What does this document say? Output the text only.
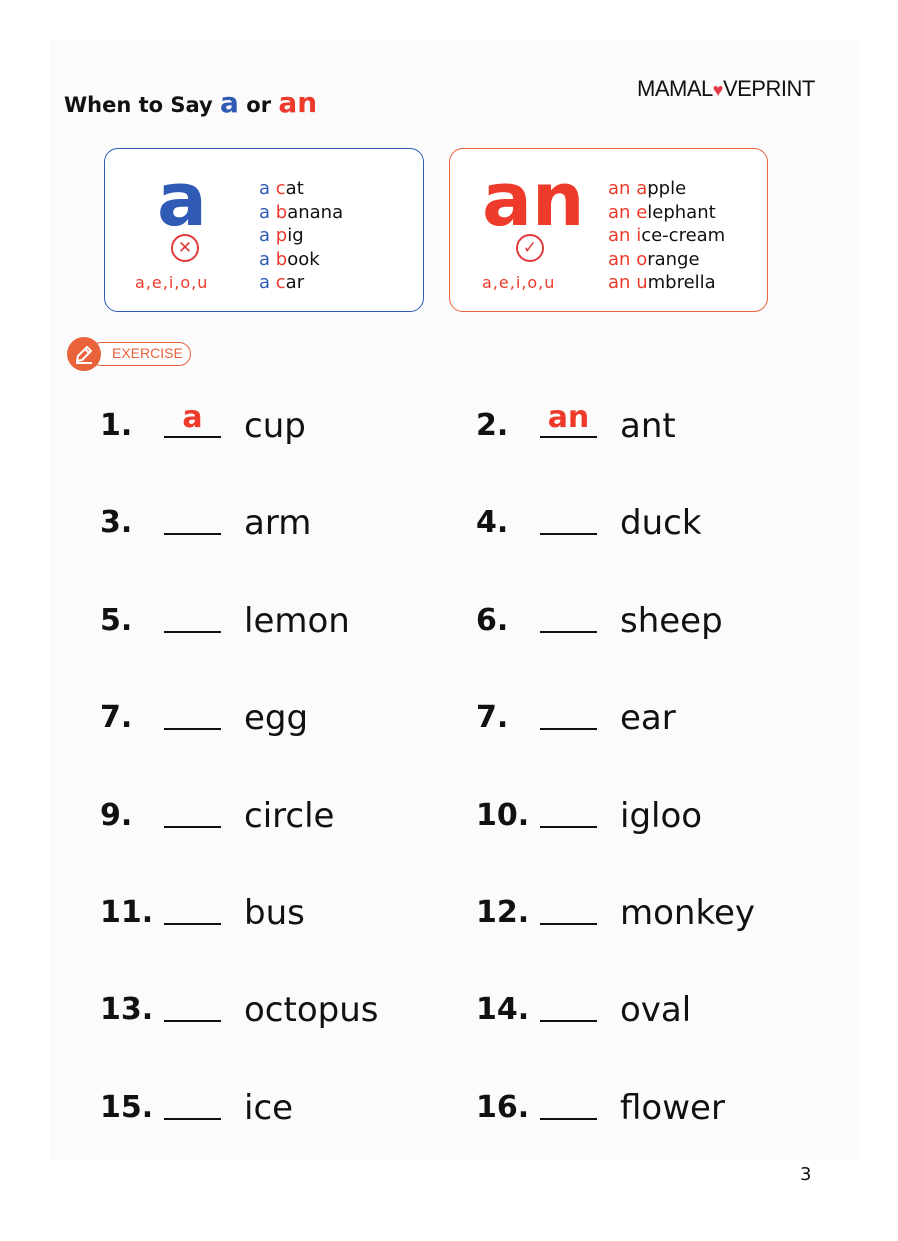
When to Say a or an	MAMAL♥VEPRINT
a
✕
a,e,i,o,u
a cat
a banana
a pig
a book
a car
an
✓
a,e,i,o,u
an apple
an elephant
an ice-cream
an orange
an umbrella
EXERCISE
1.	a	cup	2. an ant
3.	arm	4.	duck
5.	lemon	6.	sheep
7.	egg	7.	ear
9.	circle	10.	igloo
11.	bus	12.	monkey
13.	octopus	14.	oval
15.	ice	16.	flower
3
